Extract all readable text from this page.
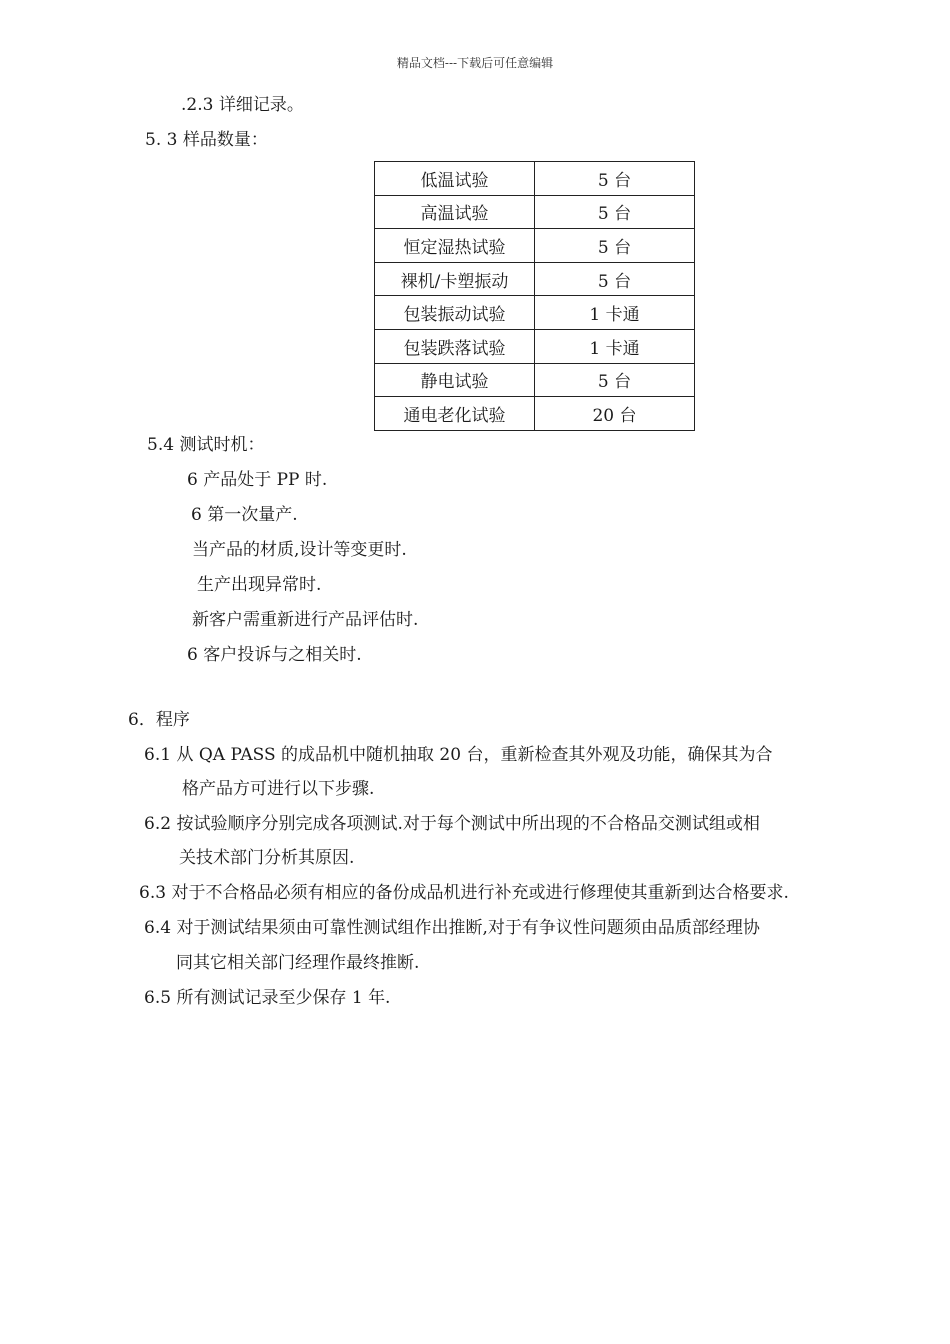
精品文档---下载后可任意编辑
.2.3 详细记录。
5. 3 样品数量：
低温试验	5 台
高温试验	5 台
恒定湿热试验	5 台
裸机/卡塑振动	5 台
包装振动试验	1 卡通
包装跌落试验	1 卡通
静电试验	5 台
通电老化试验	20 台
5.4 测试时机：
6 产品处于 PP 时.
6 第一次量产.
当产品的材质,设计等变更时.
生产出现异常时.
新客户需重新进行产品评估时.
6 客户投诉与之相关时.
6．程序
6.1 从 QA PASS 的成品机中随机抽取 20 台，重新检查其外观及功能，确保其为合
格产品方可进行以下步骤.
6.2 按试验顺序分别完成各项测试.对于每个测试中所出现的不合格品交测试组或相
关技术部门分析其原因.
6.3 对于不合格品必须有相应的备份成品机进行补充或进行修理使其重新到达合格要求.
6.4 对于测试结果须由可靠性测试组作出推断,对于有争议性问题须由品质部经理协
同其它相关部门经理作最终推断.
6.5 所有测试记录至少保存 1 年.
